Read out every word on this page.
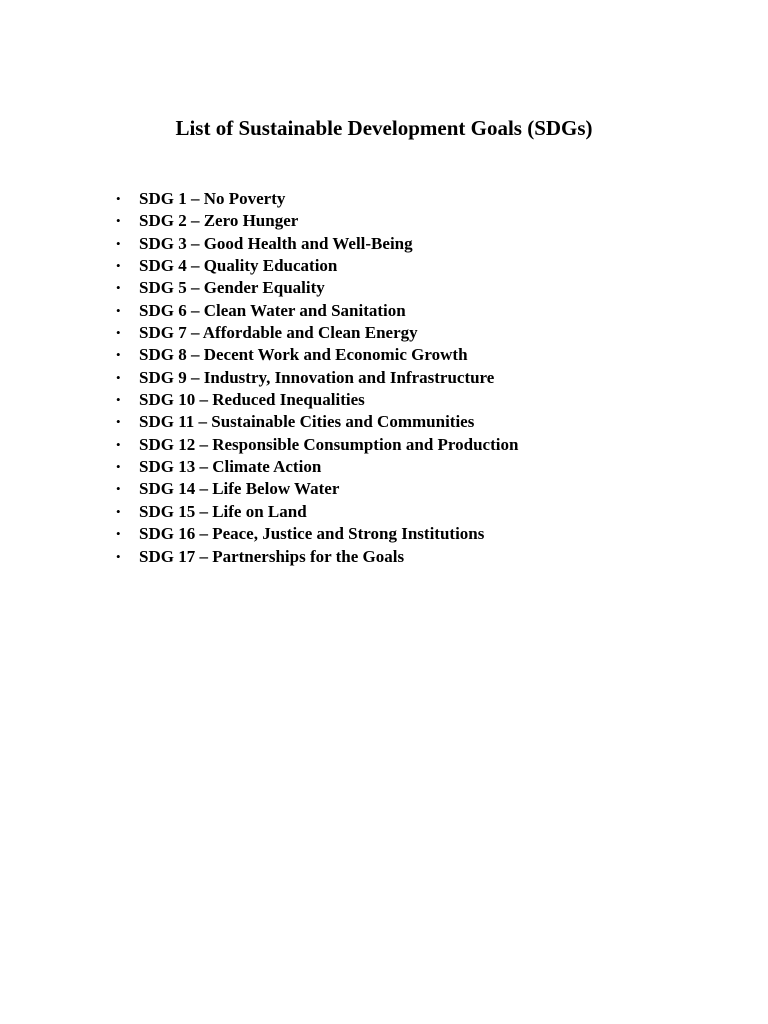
List of Sustainable Development Goals (SDGs)
• SDG 1 – No Poverty
• SDG 2 – Zero Hunger
• SDG 3 – Good Health and Well-Being
• SDG 4 – Quality Education
• SDG 5 – Gender Equality
• SDG 6 – Clean Water and Sanitation
• SDG 7 – Affordable and Clean Energy
• SDG 8 – Decent Work and Economic Growth
• SDG 9 – Industry, Innovation and Infrastructure
• SDG 10 – Reduced Inequalities
• SDG 11 – Sustainable Cities and Communities
• SDG 12 – Responsible Consumption and Production
• SDG 13 – Climate Action
• SDG 14 – Life Below Water
• SDG 15 – Life on Land
• SDG 16 – Peace, Justice and Strong Institutions
• SDG 17 – Partnerships for the Goals
